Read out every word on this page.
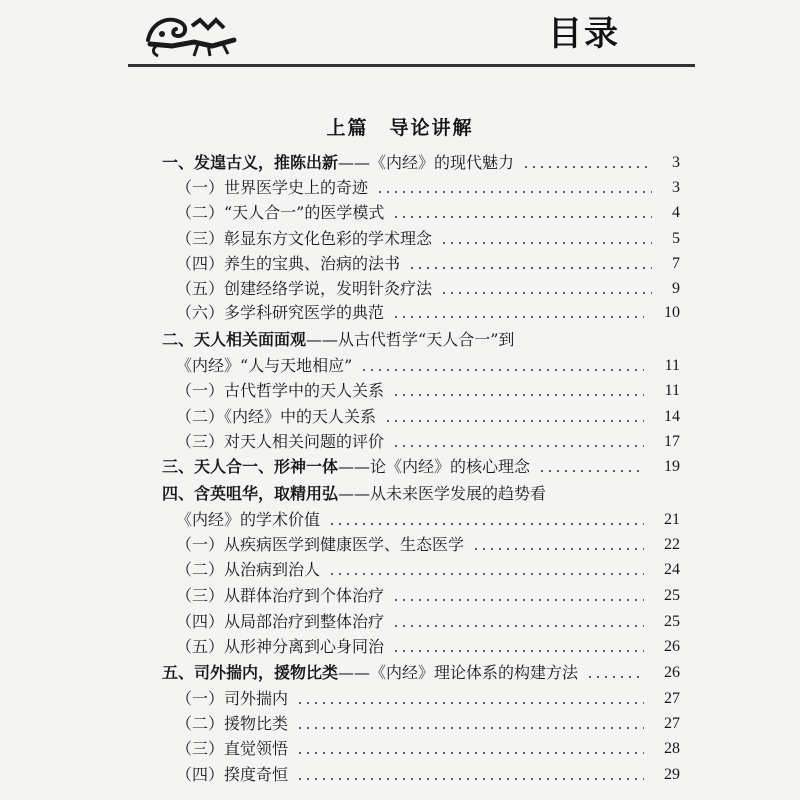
目录
上篇　导论讲解
一、发遑古义，推陈出新——《内经》的现代魅力	3
（一）世界医学史上的奇迹	3
（二）“天人合一”的医学模式	4
（三）彰显东方文化色彩的学术理念	5
（四）养生的宝典、治病的法书	7
（五）创建经络学说，发明针灸疗法	9
（六）多学科研究医学的典范	10
二、天人相关面面观——从古代哲学“天人合一”到
《内经》“人与天地相应”	11
（一）古代哲学中的天人关系	11
（二）《内经》中的天人关系	14
（三）对天人相关问题的评价	17
三、天人合一、形神一体——论《内经》的核心理念	19
四、含英咀华，取精用弘——从未来医学发展的趋势看
《内经》的学术价值	21
（一）从疾病医学到健康医学、生态医学	22
（二）从治病到治人	24
（三）从群体治疗到个体治疗	25
（四）从局部治疗到整体治疗	25
（五）从形神分离到心身同治	26
五、司外揣内，援物比类——《内经》理论体系的构建方法	26
（一）司外揣内	27
（二）援物比类	27
（三）直觉领悟	28
（四）揆度奇恒	29
